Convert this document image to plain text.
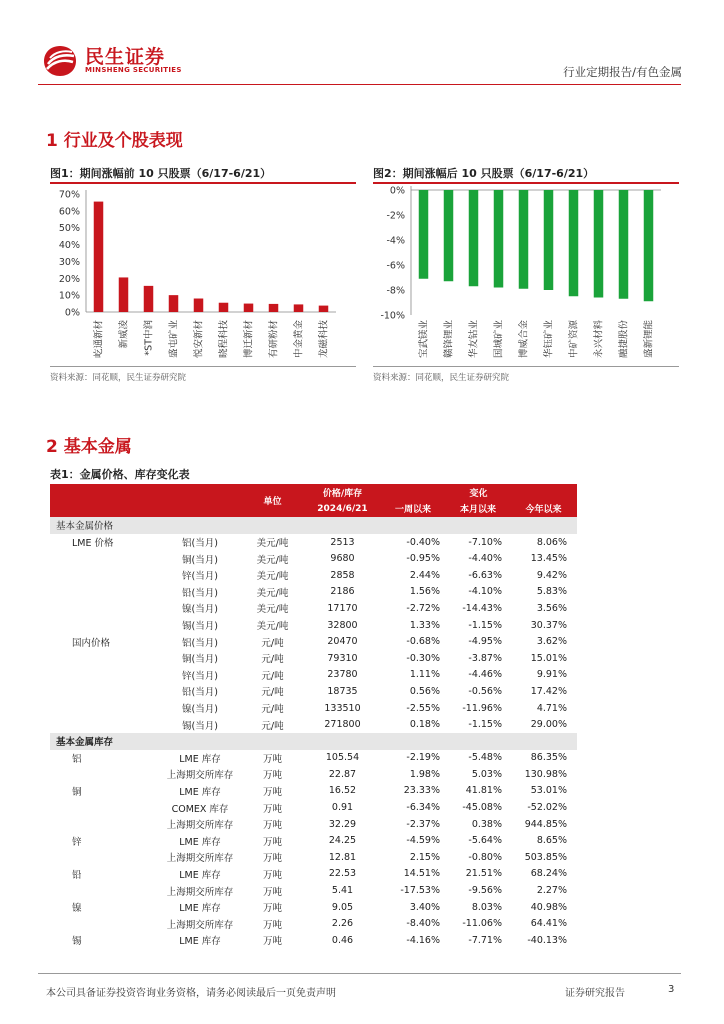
民生证券
MINSHENG SECURITIES	行业定期报告/有色金属
1 行业及个股表现
图1：期间涨幅前 10 只股票（6/17-6/21）
0%
10%
20%
30%
40%
50%
60%
70%
屹通新材 新威凌 *ST中润 盛屯矿业 悦安新材 晓程科技 博迁新材 有研粉材 中金黄金 龙磁科技
资料来源：同花顺，民生证券研究院
图2：期间涨幅后 10 只股票（6/17-6/21）
0%
-2%
-4%
-6%
-8%
-10%
宝武镁业 赣锋锂业 华友钴业 国城矿业 博威合金 华钰矿业 中矿资源 永兴材料 融捷股份 盛新锂能
资料来源：同花顺，民生证券研究院
2 基本金属
表1：金属价格、库存变化表
		单位	价格/库存	变化		
			2024/6/21	一周以来	本月以来	今年以来
基本金属价格						
LME 价格	铝(当月)	美元/吨	2513	-0.40%	-7.10%	8.06%
	铜(当月)	美元/吨	9680	-0.95%	-4.40%	13.45%
	锌(当月)	美元/吨	2858	2.44%	-6.63%	9.42%
	铅(当月)	美元/吨	2186	1.56%	-4.10%	5.83%
	镍(当月)	美元/吨	17170	-2.72%	-14.43%	3.56%
	锡(当月)	美元/吨	32800	1.33%	-1.15%	30.37%
国内价格	铝(当月)	元/吨	20470	-0.68%	-4.95%	3.62%
	铜(当月)	元/吨	79310	-0.30%	-3.87%	15.01%
	锌(当月)	元/吨	23780	1.11%	-4.46%	9.91%
	铅(当月)	元/吨	18735	0.56%	-0.56%	17.42%
	镍(当月)	元/吨	133510	-2.55%	-11.96%	4.71%
	锡(当月)	元/吨	271800	0.18%	-1.15%	29.00%
基本金属库存						
铝	LME 库存	万吨	105.54	-2.19%	-5.48%	86.35%
	上海期交所库存	万吨	22.87	1.98%	5.03%	130.98%
铜	LME 库存	万吨	16.52	23.33%	41.81%	53.01%
	COMEX 库存	万吨	0.91	-6.34%	-45.08%	-52.02%
	上海期交所库存	万吨	32.29	-2.37%	0.38%	944.85%
锌	LME 库存	万吨	24.25	-4.59%	-5.64%	8.65%
	上海期交所库存	万吨	12.81	2.15%	-0.80%	503.85%
铅	LME 库存	万吨	22.53	14.51%	21.51%	68.24%
	上海期交所库存	万吨	5.41	-17.53%	-9.56%	2.27%
镍	LME 库存	万吨	9.05	3.40%	8.03%	40.98%
	上海期交所库存	万吨	2.26	-8.40%	-11.06%	64.41%
锡	LME 库存	万吨	0.46	-4.16%	-7.71%	-40.13%
本公司具备证券投资咨询业务资格，请务必阅读最后一页免责声明	证券研究报告	3
